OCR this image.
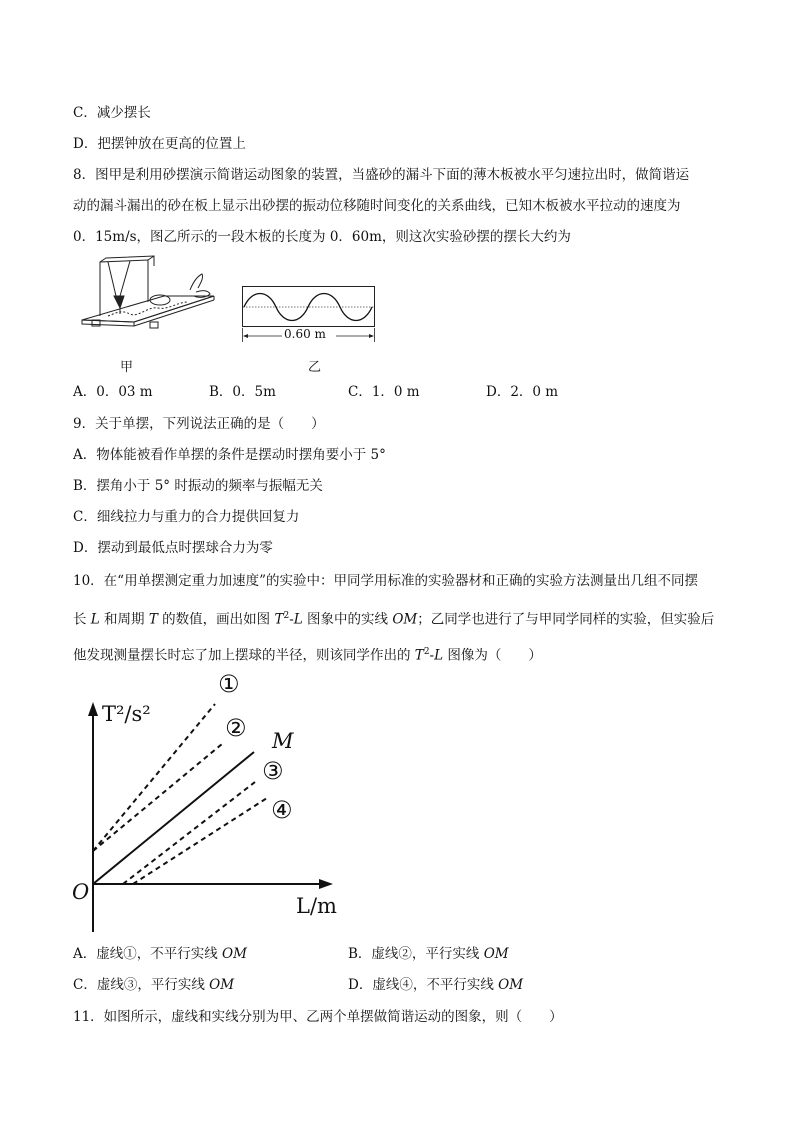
C．减少摆长
D．把摆钟放在更高的位置上
8．图甲是利用砂摆演示简谐运动图象的装置，当盛砂的漏斗下面的薄木板被水平匀速拉出时，做简谐运
动的漏斗漏出的砂在板上显示出砂摆的振动位移随时间变化的关系曲线，已知木板被水平拉动的速度为
0．15m/s，图乙所示的一段木板的长度为 0．60m，则这次实验砂摆的摆长大约为
甲
0.60 m
乙
A．0．03 m	B．0．5m	C．1．0 m	D．2．0 m
9．关于单摆，下列说法正确的是（　　）
A．物体能被看作单摆的条件是摆动时摆角要小于 5°
B．摆角小于 5° 时振动的频率与振幅无关
C．细线拉力与重力的合力提供回复力
D．摆动到最低点时摆球合力为零
10．在“用单摆测定重力加速度”的实验中：甲同学用标准的实验器材和正确的实验方法测量出几组不同摆
长 L 和周期 T 的数值，画出如图 $T^2-L$ 图象中的实线 OM；乙同学也进行了与甲同学同样的实验，但实验后
他发现测量摆长时忘了加上摆球的半径，则该同学作出的 $T^2-L$ 图像为（　　）
T²/s²
L/m
O
M
①
②
③
④
A．虚线①，不平行实线 OM	B．虚线②，平行实线 OM
C．虚线③，平行实线 OM	D．虚线④，不平行实线 OM
11．如图所示，虚线和实线分别为甲、乙两个单摆做简谐运动的图象，则（　　）
